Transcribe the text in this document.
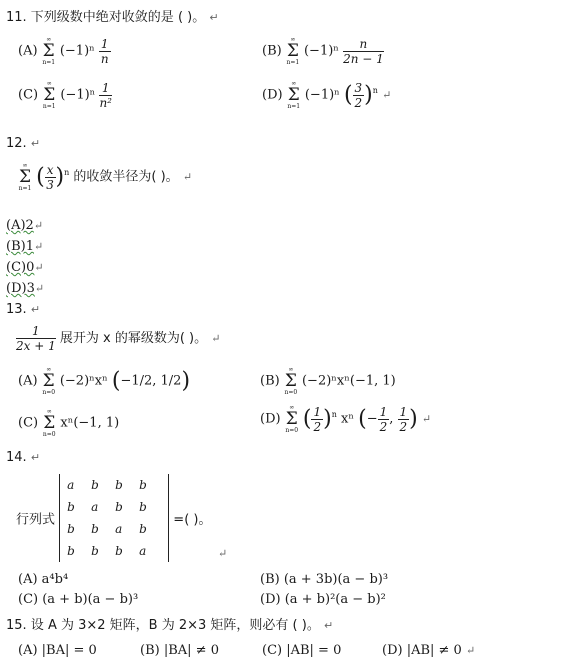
11. 下列级数中绝对收敛的是 ( )。 ↵
(A)
∞
Σ
n=1
$(-1)^n \frac{1}{n}$	(B)
∞
Σ
n=1
$(-1)^n \frac{n}{2n - 1}$
(C)
∞
Σ
n=1
$(-1)^n \frac{1}{\text{n²}}$	(D)
∞
Σ
n=1
(−1)ⁿ ( $\frac{3}{2} )^n$ ↵
12. ↵
∞
Σ
n=1 ( $\frac{x}{3} )^n$ 的收敛半径为( )。 ↵
(A)2↵
(B)1↵
(C)0↵
(D)3↵
13. ↵
$\frac{1}{2x + 1}$ 展开为 x 的幂级数为( )。 ↵
(A)
∞
Σ
n=0
(−2)ⁿxⁿ (−1/2, 1/2)	(B)
∞
Σ
n=0
(−2)ⁿxⁿ(−1, 1)
(C)
∞
Σ
n=0
xⁿ(−1, 1)	(D)
∞
Σ
n=0 ( $\frac{1}{2} )^n$ xⁿ (− $\frac{1}{2}$ , $\frac{1}{2}$ ) ↵
14. ↵
行列式
a	b	b	b
b	a	b	b
b	b	a	b
b	b	b	a
=( )。
↵
(A) a⁴b⁴	(B) (a + 3b)(a − b)³
(C) (a + b)(a − b)³	(D) (a + b)²(a − b)²
15. 设 A 为 3×2 矩阵，B 为 2×3 矩阵，则必有 ( )。 ↵
(A) |BA| = 0	(B) |BA| ≠ 0	(C) |AB| = 0	(D) |AB| ≠ 0 ↵
